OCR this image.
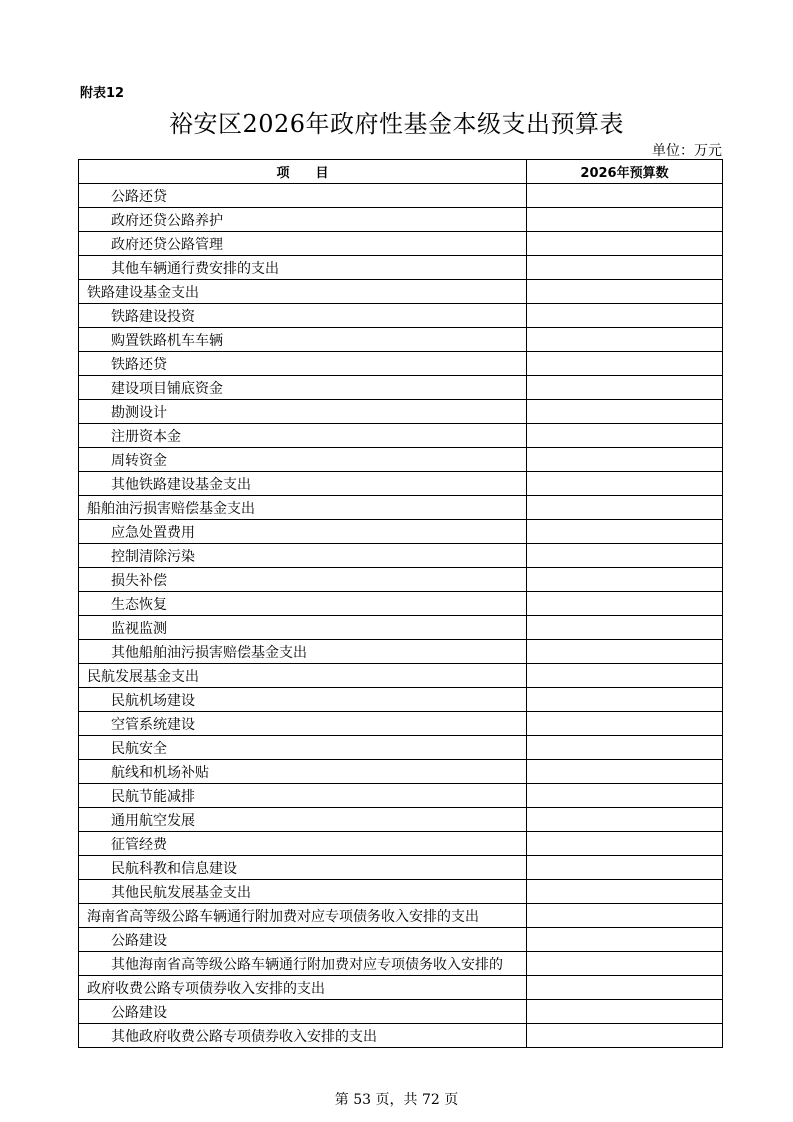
附表12
裕安区2026年政府性基金本级支出预算表
单位：万元
项　　目	2026年预算数
公路还贷	
政府还贷公路养护	
政府还贷公路管理	
其他车辆通行费安排的支出	
铁路建设基金支出	
铁路建设投资	
购置铁路机车车辆	
铁路还贷	
建设项目铺底资金	
勘测设计	
注册资本金	
周转资金	
其他铁路建设基金支出	
船舶油污损害赔偿基金支出	
应急处置费用	
控制清除污染	
损失补偿	
生态恢复	
监视监测	
其他船舶油污损害赔偿基金支出	
民航发展基金支出	
民航机场建设	
空管系统建设	
民航安全	
航线和机场补贴	
民航节能减排	
通用航空发展	
征管经费	
民航科教和信息建设	
其他民航发展基金支出	
海南省高等级公路车辆通行附加费对应专项债务收入安排的支出	
公路建设	
其他海南省高等级公路车辆通行附加费对应专项债务收入安排的	
政府收费公路专项债券收入安排的支出	
公路建设	
其他政府收费公路专项债券收入安排的支出	
第 53 页，共 72 页
